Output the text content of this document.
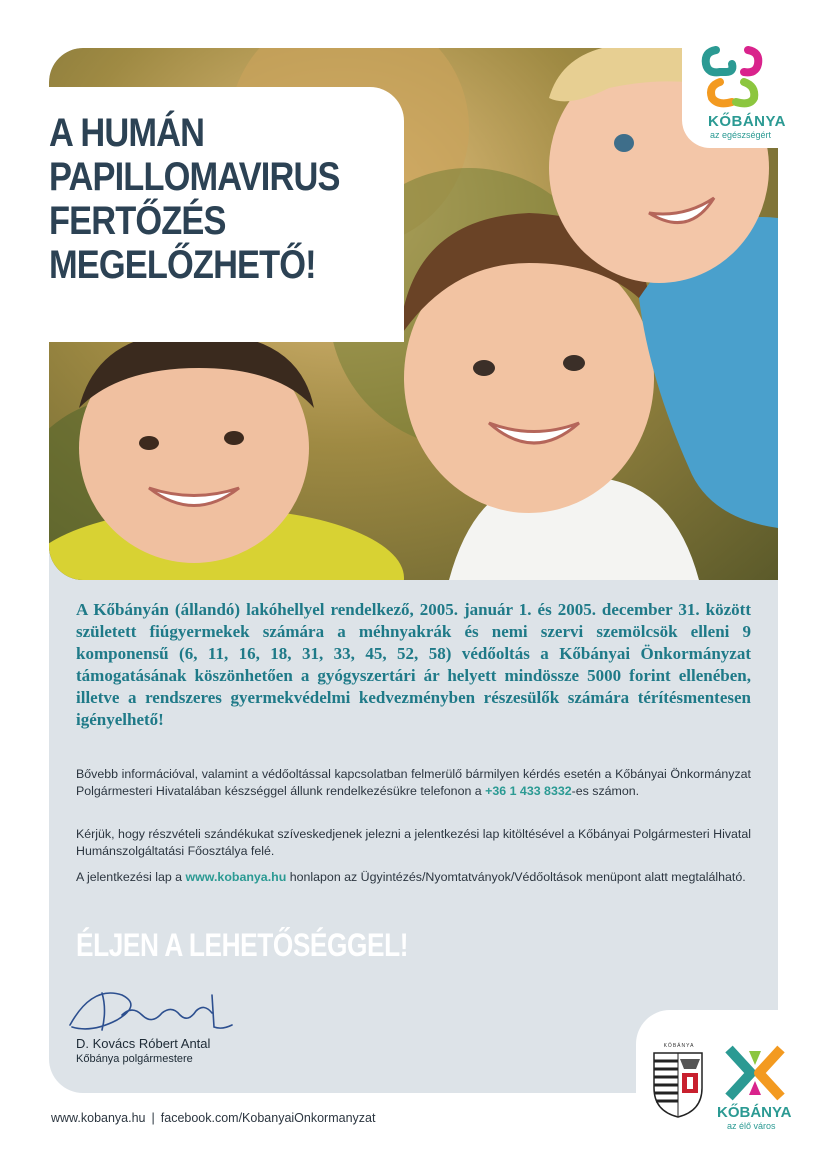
A HUMÁN
PAPILLOMAVIRUS
FERTŐZÉS
MEGELŐZHETŐ!
KŐBÁNYA
az egészségért

A Kőbányán (állandó) lakóhellyel rendelkező, 2005. január 1. és 2005. december 31. között született fiúgyermekek számára a méhnyakrák és nemi szervi szemölcsök elleni 9 komponensű (6, 11, 16, 18, 31, 33, 45, 52, 58) védőoltás a Kőbányai Önkormányzat támogatásának köszönhetően a gyógyszertári ár helyett mindössze 5000 forint ellenében, illetve a rendszeres gyermekvédelmi kedvezményben részesülők számára térítésmentesen igényelhető!

Bővebb információval, valamint a védőoltással kapcsolatban felmerülő bármilyen kérdés esetén a Kőbányai Önkormányzat Polgármesteri Hivatalában készséggel állunk rendelkezésükre telefonon a +36 1 433 8332-es számon.

Kérjük, hogy részvételi szándékukat szíveskedjenek jelezni a jelentkezési lap kitöltésével a Kőbányai Polgármesteri Hivatal Humánszolgáltatási Főosztálya felé.

A jelentkezési lap a www.kobanya.hu honlapon az Ügyintézés/Nyomtatványok/Védőoltások menüpont alatt megtalálható.

ÉLJEN A LEHETŐSÉGGEL!

D. Kovács Róbert Antal
Kőbánya polgármestere
KŐBÁNYA
KŐBÁNYA
az élő város
www.kobanya.hu | facebook.com/KobanyaiOnkormanyzat
